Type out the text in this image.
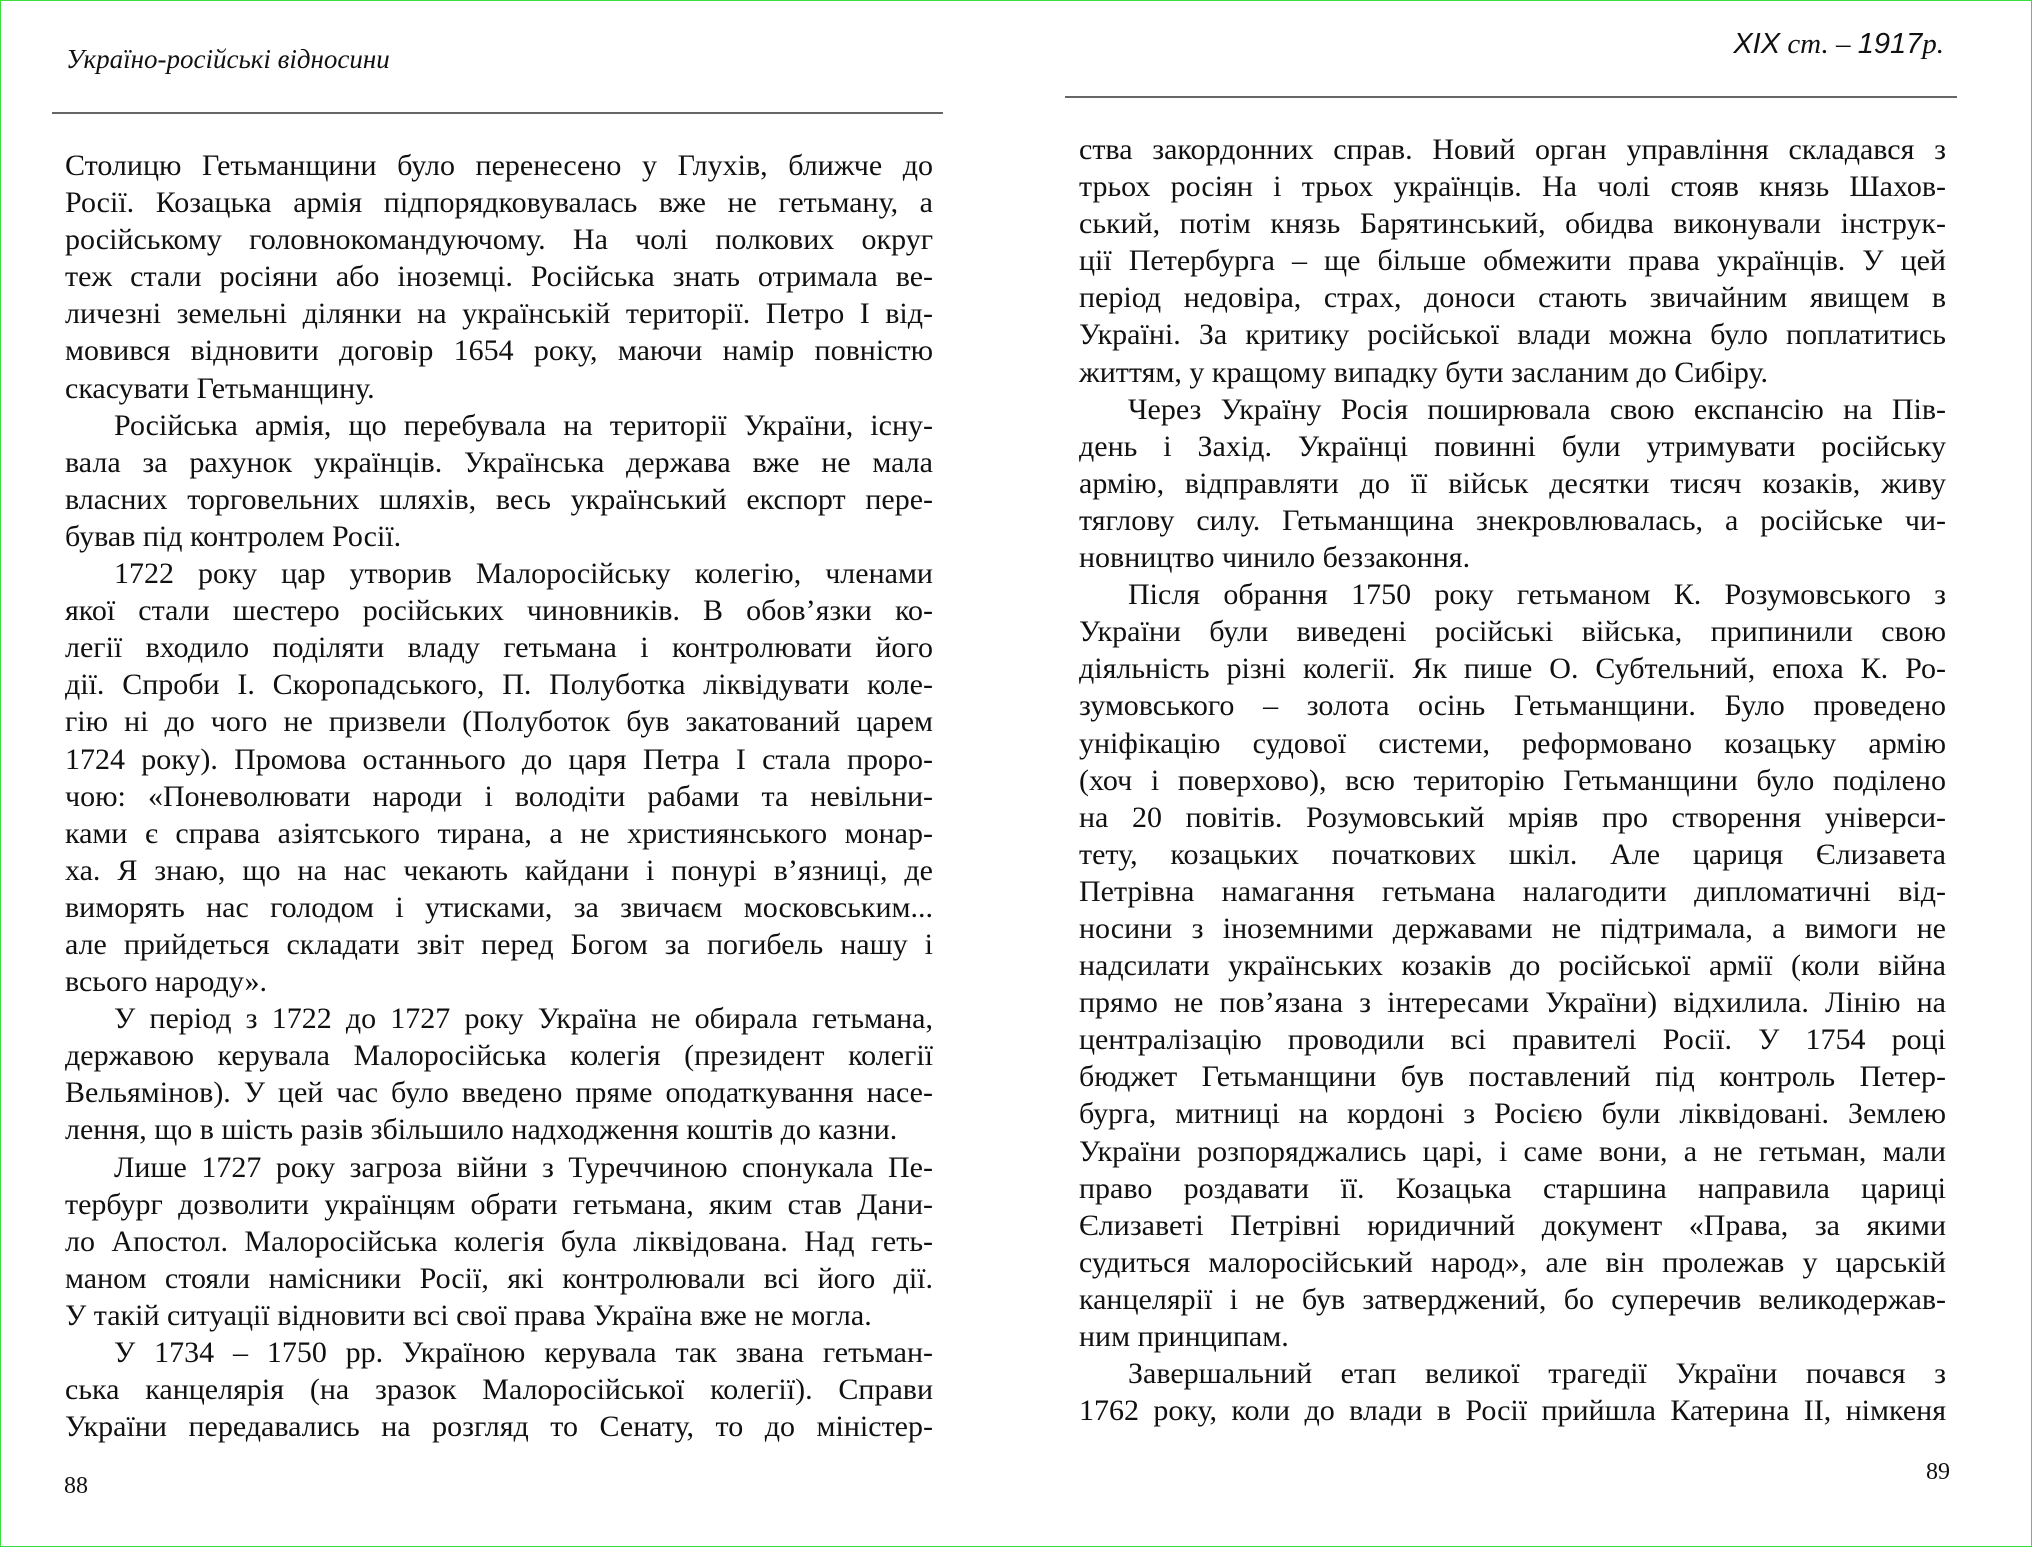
Україно-російські відносини
Столицю Гетьманщини було перенесено у Глухів, ближче до
Росії. Козацька армія підпорядковувалась вже не гетьману, а
російському головнокомандуючому. На чолі полкових округ
теж стали росіяни або іноземці. Російська знать отримала ве-
личезні земельні ділянки на українській території. Петро І від-
мовився відновити договір 1654 року, маючи намір повністю
скасувати Гетьманщину.
Російська армія, що перебувала на території України, існу-
вала за рахунок українців. Українська держава вже не мала
власних торговельних шляхів, весь український експорт пере-
бував під контролем Росії.
1722 року цар утворив Малоросійську колегію, членами
якої стали шестеро російських чиновників. В обов’язки ко-
легії входило поділяти владу гетьмана і контролювати його
дії. Спроби І. Скоропадського, П. Полуботка ліквідувати коле-
гію ні до чого не призвели (Полуботок був закатований царем
1724 року). Промова останнього до царя Петра І стала проро-
чою: «Поневолювати народи і володіти рабами та невільни-
ками є справа азіятського тирана, а не християнського монар-
ха. Я знаю, що на нас чекають кайдани і понурі в’язниці, де
виморять нас голодом і утисками, за звичаєм московським...
але прийдеться складати звіт перед Богом за погибель нашу і
всього народу».
У період з 1722 до 1727 року Україна не обирала гетьмана,
державою керувала Малоросійська колегія (президент колегії
Вельямінов). У цей час було введено пряме оподаткування насе-
лення, що в шість разів збільшило надходження коштів до казни.
Лише 1727 року загроза війни з Туреччиною спонукала Пе-
тербург дозволити українцям обрати гетьмана, яким став Дани-
ло Апостол. Малоросійська колегія була ліквідована. Над геть-
маном стояли намісники Росії, які контролювали всі його дії.
У такій ситуації відновити всі свої права Україна вже не могла.
У 1734 – 1750 рр. Україною керувала так звана гетьман-
ська канцелярія (на зразок Малоросійської колегії). Справи
України передавались на розгляд то Сенату, то до міністер-
88
XIX ст. – 1917р.
ства закордонних справ. Новий орган управління складався з
трьох росіян і трьох українців. На чолі стояв князь Шахов-
ський, потім князь Барятинський, обидва виконували інструк-
ції Петербурга – ще більше обмежити права українців. У цей
період недовіра, страх, доноси стають звичайним явищем в
Україні. За критику російської влади можна було поплатитись
життям, у кращому випадку бути засланим до Сибіру.
Через Україну Росія поширювала свою експансію на Пів-
день і Захід. Українці повинні були утримувати російську
армію, відправляти до її військ десятки тисяч козаків, живу
тяглову силу. Гетьманщина знекровлювалась, а російське чи-
новництво чинило беззаконня.
Після обрання 1750 року гетьманом К. Розумовського з
України були виведені російські війська, припинили свою
діяльність різні колегії. Як пише О. Субтельний, епоха К. Ро-
зумовського – золота осінь Гетьманщини. Було проведено
уніфікацію судової системи, реформовано козацьку армію
(хоч і поверхово), всю територію Гетьманщини було поділено
на 20 повітів. Розумовський мріяв про створення універси-
тету, козацьких початкових шкіл. Але цариця Єлизавета
Петрівна намагання гетьмана налагодити дипломатичні від-
носини з іноземними державами не підтримала, а вимоги не
надсилати українських козаків до російської армії (коли війна
прямо не пов’язана з інтересами України) відхилила. Лінію на
централізацію проводили всі правителі Росії. У 1754 році
бюджет Гетьманщини був поставлений під контроль Петер-
бурга, митниці на кордоні з Росією були ліквідовані. Землею
України розпоряджались царі, і саме вони, а не гетьман, мали
право роздавати її. Козацька старшина направила цариці
Єлизаветі Петрівні юридичний документ «Права, за якими
судиться малоросійський народ», але він пролежав у царській
канцелярії і не був затверджений, бо суперечив великодержав-
ним принципам.
Завершальний етап великої трагедії України почався з
1762 року, коли до влади в Росії прийшла Катерина ІІ, німкеня
89
